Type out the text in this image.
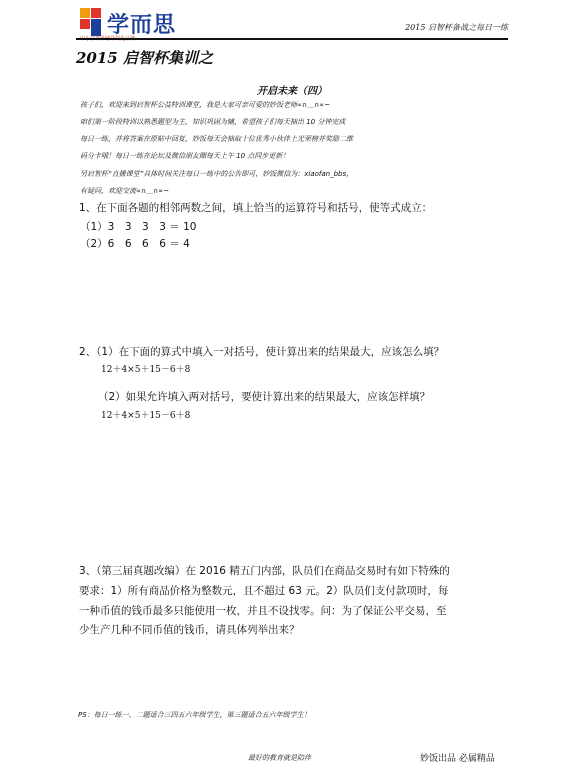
学而思	2015 启智杯备战之每日一练
2015 启智杯集训之
开启未来（四）
孩子们，欢迎来到启智杯公益特训课堂，我是大家可亲可爱的妙饭老师∝∩＿∩∝~
咱们第一阶段特训以熟悉题型为主，知识巩固为辅，希望孩子们每天抽出 10 分钟完成
每日一练，并将答案在原帖中回复，妙饭每天会抽取十位优秀小伙伴上光荣榜并奖励二维
码分卡哦！每日一练在论坛及微信朋友圈每天上午 10 点同步更新！
另启智杯“直播课堂”具体时间关注每日一练中的公告即可，妙饭微信为：xiaofan_bbs，
有疑问，欢迎交流∝∩＿∩∝~
1、在下面各题的相邻两数之间，填上恰当的运算符号和括号，使等式成立：
（1）3　3　3　3 ＝ 10
（2）6　6　6　6 ＝ 4
2、（1）在下面的算式中填入一对括号，使计算出来的结果最大，应该怎么填？
12＋4×5＋15－6＋8
（2）如果允许填入两对括号，要使计算出来的结果最大，应该怎样填？
12＋4×5＋15－6＋8
3、（第三届真题改编）在 2016 精五门内部，队员们在商品交易时有如下特殊的
要求：1）所有商品价格为整数元，且不超过 63 元。2）队员们支付款项时，每
一种币值的钱币最多只能使用一枚，并且不设找零。问：为了保证公平交易，至
少生产几种不同币值的钱币，请具体列举出来？
PS：每日一练一、二题适合三四五六年级学生，第三题适合五六年级学生！
最好的教育就是陪伴	妙饭出品 必属精品
